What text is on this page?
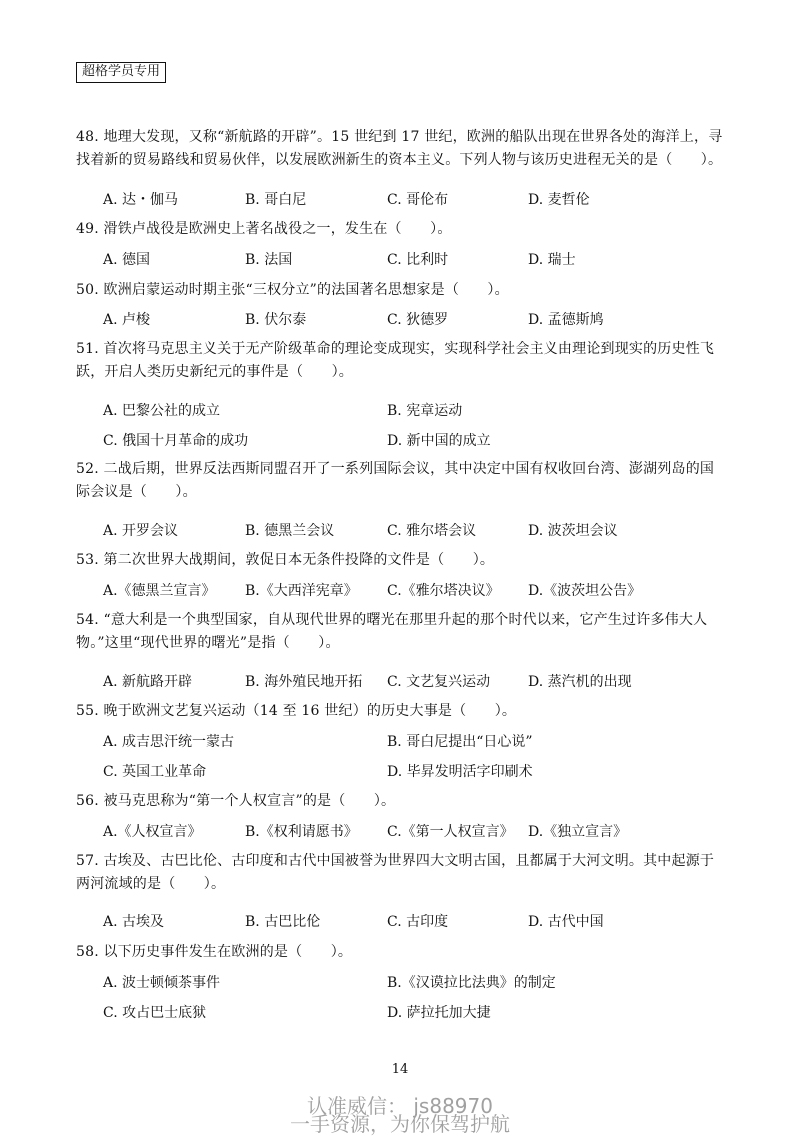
超格学员专用
48. 地理大发现，又称“新航路的开辟”。15 世纪到 17 世纪，欧洲的船队出现在世界各处的海洋上，寻找着新的贸易路线和贸易伙伴，以发展欧洲新生的资本主义。下列人物与该历史进程无关的是（　　）。
A. 达・伽马	B. 哥白尼	C. 哥伦布	D. 麦哲伦
49. 滑铁卢战役是欧洲史上著名战役之一，发生在（　　）。
A. 德国	B. 法国	C. 比利时	D. 瑞士
50. 欧洲启蒙运动时期主张“三权分立”的法国著名思想家是（　　）。
A. 卢梭	B. 伏尔泰	C. 狄德罗	D. 孟德斯鸠
51. 首次将马克思主义关于无产阶级革命的理论变成现实，实现科学社会主义由理论到现实的历史性飞跃，开启人类历史新纪元的事件是（　　）。
A. 巴黎公社的成立	B. 宪章运动
C. 俄国十月革命的成功	D. 新中国的成立
52. 二战后期，世界反法西斯同盟召开了一系列国际会议，其中决定中国有权收回台湾、澎湖列岛的国际会议是（　　）。
A. 开罗会议	B. 德黑兰会议	C. 雅尔塔会议	D. 波茨坦会议
53. 第二次世界大战期间，敦促日本无条件投降的文件是（　　）。
A.《德黑兰宣言》 B.《大西洋宪章》 C.《雅尔塔决议》 D.《波茨坦公告》
54. “意大利是一个典型国家，自从现代世界的曙光在那里升起的那个时代以来，它产生过许多伟大人物。”这里“现代世界的曙光”是指（　　）。
A. 新航路开辟	B. 海外殖民地开拓 C. 文艺复兴运动	D. 蒸汽机的出现
55. 晚于欧洲文艺复兴运动（14 至 16 世纪）的历史大事是（　　）。
A. 成吉思汗统一蒙古	B. 哥白尼提出“日心说”
C. 英国工业革命	D. 毕昇发明活字印刷术
56. 被马克思称为“第一个人权宣言”的是（　　）。
A.《人权宣言》	B.《权利请愿书》 C.《第一人权宣言》 D.《独立宣言》
57. 古埃及、古巴比伦、古印度和古代中国被誉为世界四大文明古国，且都属于大河文明。其中起源于两河流域的是（　　）。
A. 古埃及	B. 古巴比伦	C. 古印度	D. 古代中国
58. 以下历史事件发生在欧洲的是（　　）。
A. 波士顿倾茶事件	B.《汉谟拉比法典》的制定
C. 攻占巴士底狱	D. 萨拉托加大捷
14
认准威信： js88970
一手资源，为你保驾护航
